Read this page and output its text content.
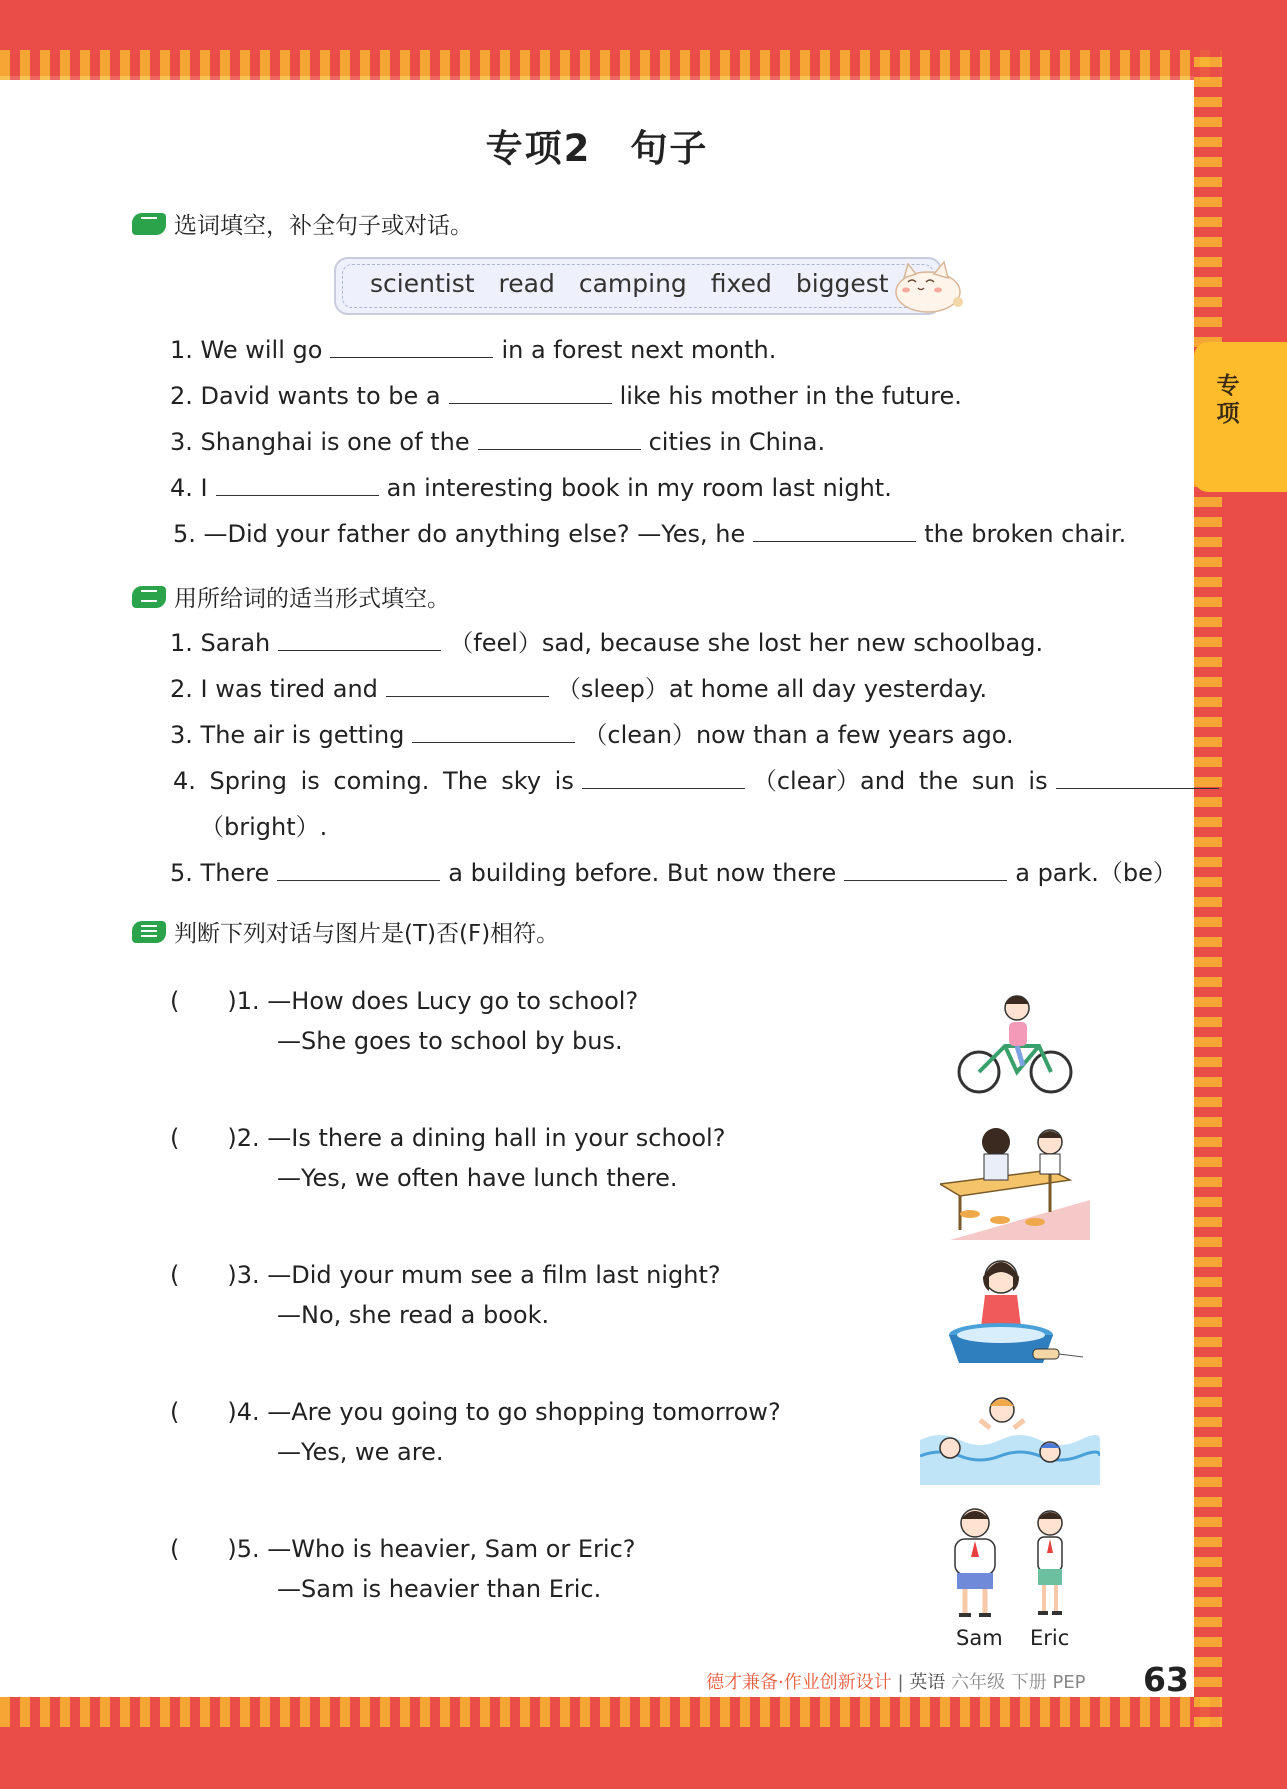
专项
专项2　句子
选词填空，补全句子或对话。
scientist read camping fixed biggest
1. We will go	in a forest next month.
2. David wants to be a	like his mother in the future.
3. Shanghai is one of the	cities in China.
4. I	an interesting book in my room last night.
5. —Did your father do anything else? —Yes, he	the broken chair.
用所给词的适当形式填空。
1. Sarah	（feel）sad, because she lost her new schoolbag.
2. I was tired and	（sleep）at home all day yesterday.
3. The air is getting	（clean）now than a few years ago.
4. Spring is coming. The sky is	（clear）and the sun is
（bright）.
5. There	a building before. But now there	a park.（be）
判断下列对话与图片是(T)否(F)相符。
(　　)1. —How does Lucy go to school?
—She goes to school by bus.
(　　)2. —Is there a dining hall in your school?
—Yes, we often have lunch there.
(　　)3. —Did your mum see a film last night?
—No, she read a book.
(　　)4. —Are you going to go shopping tomorrow?
—Yes, we are.
(　　)5. —Who is heavier, Sam or Eric?
—Sam is heavier than Eric.
Sam Eric
德才兼备·作业创新设计 | 英语 六年级 下册 PEP 63
